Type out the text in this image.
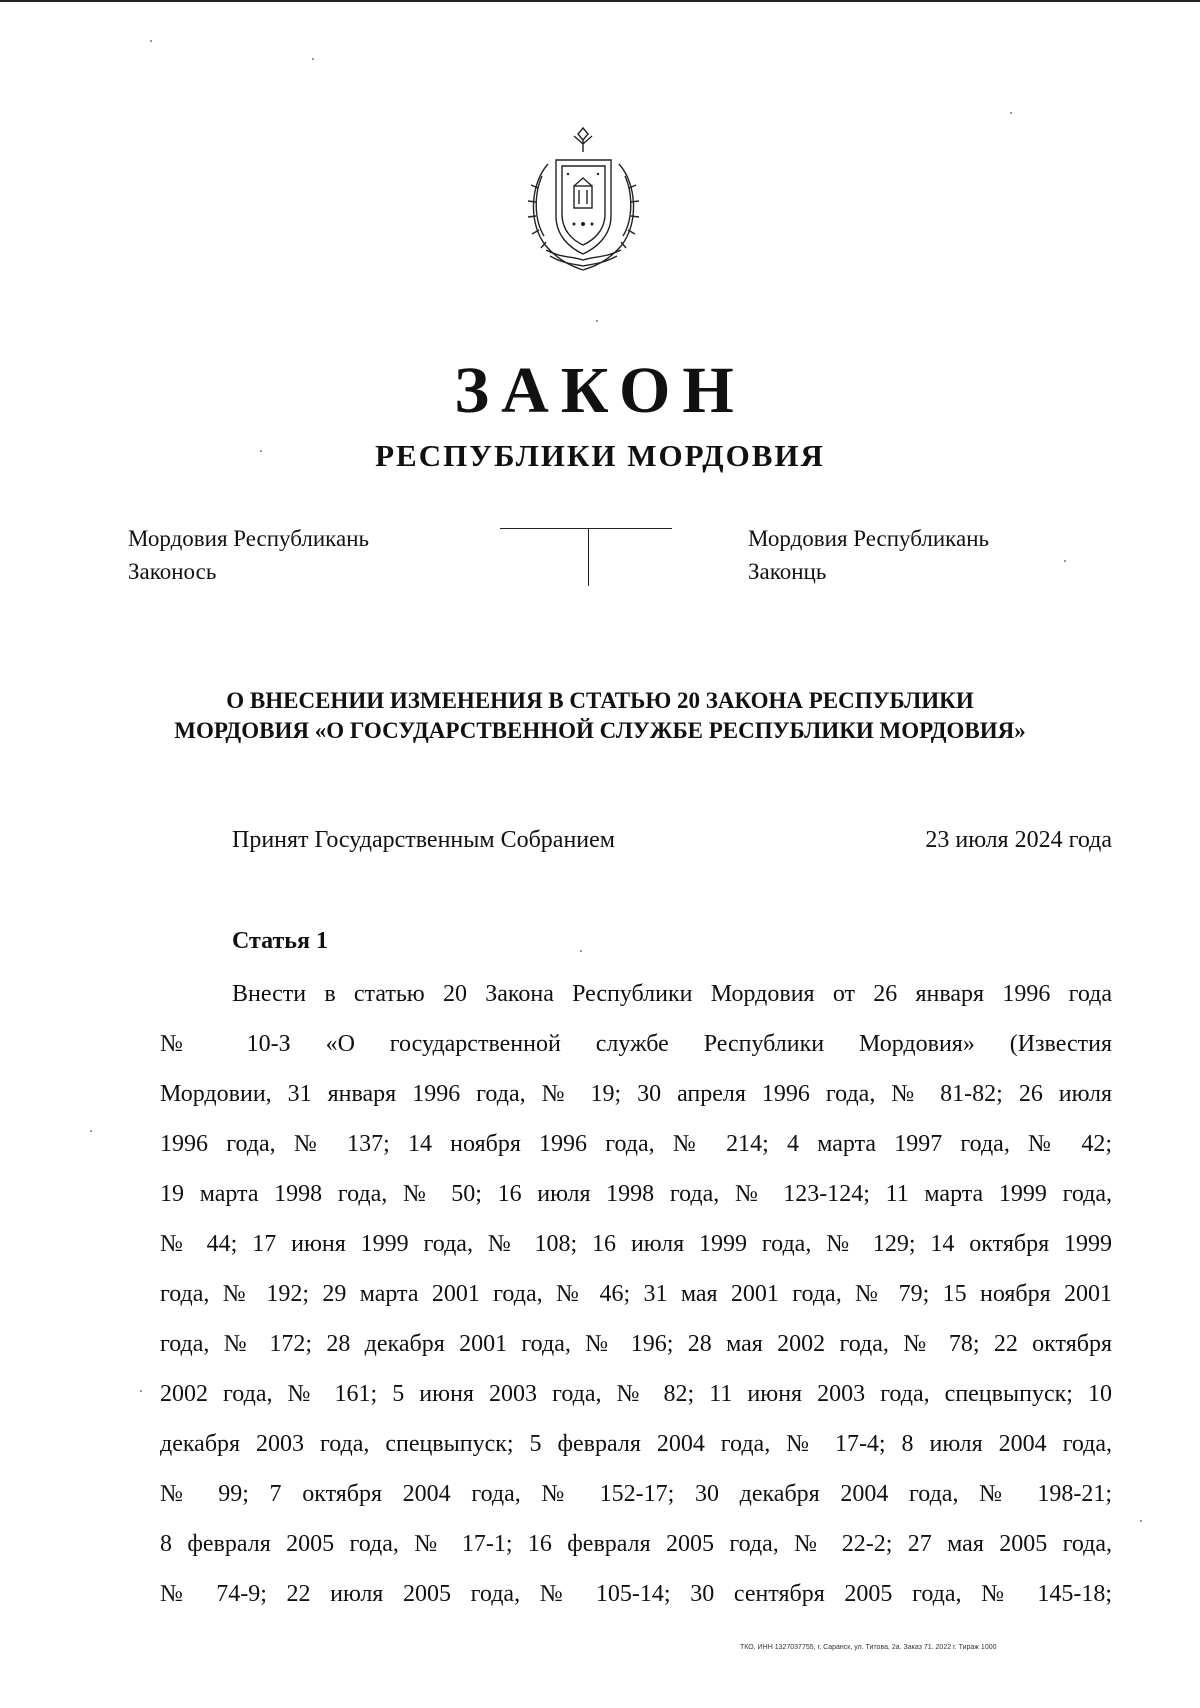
ЗАКОН
РЕСПУБЛИКИ МОРДОВИЯ
Мордовия Республикань
Законось
Мордовия Республикань
Законць
О ВНЕСЕНИИ ИЗМЕНЕНИЯ В СТАТЬЮ 20 ЗАКОНА РЕСПУБЛИКИ
МОРДОВИЯ «О ГОСУДАРСТВЕННОЙ СЛУЖБЕ РЕСПУБЛИКИ МОРДОВИЯ»
Принят Государственным Собранием	23 июля 2024 года
Статья 1
Внести в статью 20 Закона Республики Мордовия от 26 января 1996 года
№ 10-З «О государственной службе Республики Мордовия» (Известия
Мордовии, 31 января 1996 года, № 19; 30 апреля 1996 года, № 81-82; 26 июля
1996 года, № 137; 14 ноября 1996 года, № 214; 4 марта 1997 года, № 42;
19 марта 1998 года, № 50; 16 июля 1998 года, № 123-124; 11 марта 1999 года,
№ 44; 17 июня 1999 года, № 108; 16 июля 1999 года, № 129; 14 октября 1999
года, № 192; 29 марта 2001 года, № 46; 31 мая 2001 года, № 79; 15 ноября 2001
года, № 172; 28 декабря 2001 года, № 196; 28 мая 2002 года, № 78; 22 октября
2002 года, № 161; 5 июня 2003 года, № 82; 11 июня 2003 года, спецвыпуск; 10
декабря 2003 года, спецвыпуск; 5 февраля 2004 года, № 17-4; 8 июля 2004 года,
№ 99; 7 октября 2004 года, № 152-17; 30 декабря 2004 года, № 198-21;
8 февраля 2005 года, № 17-1; 16 февраля 2005 года, № 22-2; 27 мая 2005 года,
№ 74-9; 22 июля 2005 года, № 105-14; 30 сентября 2005 года, № 145-18;
ТКО, ИНН 1327037755, г. Саранск, ул. Титова, 2а. Заказ 71. 2022 г. Тираж 1000
